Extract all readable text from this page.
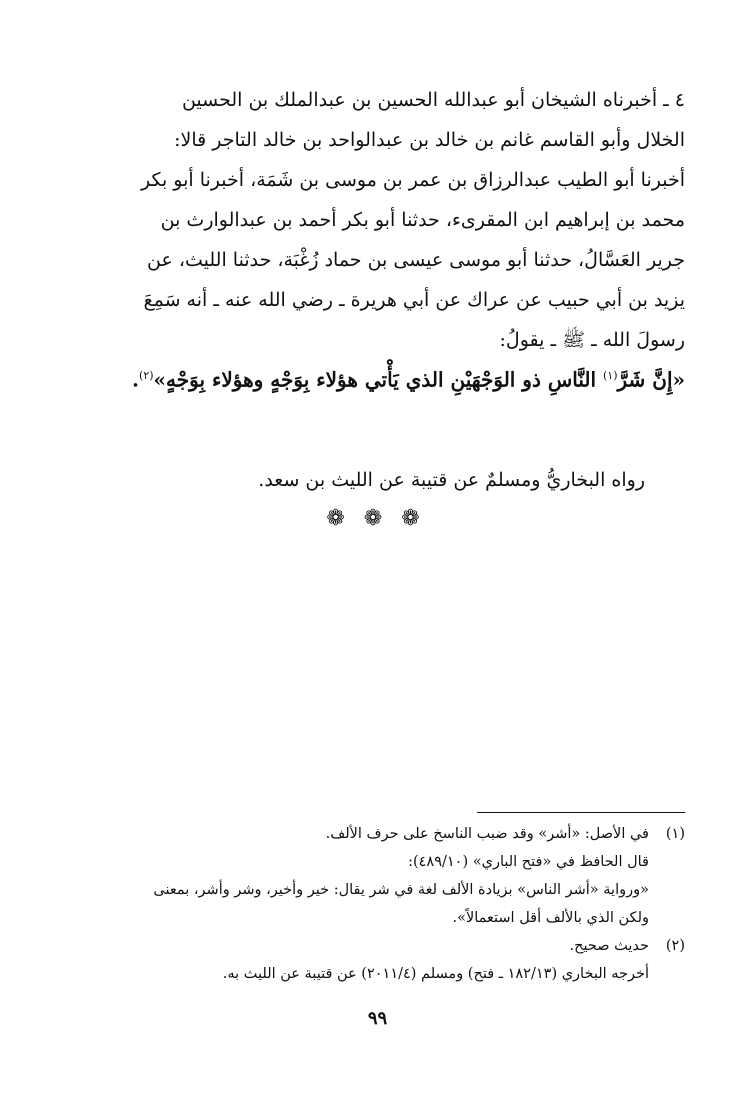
٤ ـ أخبرناه الشيخان أبو عبدالله الحسين بن عبدالملك بن الحسين

الخلال وأبو القاسم غانم بن خالد بن عبدالواحد بن خالد التاجر قالا:

أخبرنا أبو الطيب عبدالرزاق بن عمر بن موسى بن شَمَة، أخبرنا أبو بكر

محمد بن إبراهيم ابن المقرىء، حدثنا أبو بكر أحمد بن عبدالوارث بن

جرير العَسَّالُ، حدثنا أبو موسى عيسى بن حماد زُغْبَة، حدثنا الليث، عن

يزيد بن أبي حبيب عن عراك عن أبي هريرة ـ رضي الله عنه ـ أنه سَمِعَ

رسولَ الله ـ ﷺ ـ يقولُ:

«إِنَّ شَرَّ$^{(١)}$ النَّاسِ ذو الوَجْهَيْنِ الذي يَأْتي هؤلاء بِوَجْهٍ وهؤلاء بِوَجْهٍ»$^{(٢)}$.
رواه البخاريُّ ومسلمٌ عن قتيبة عن الليث بن سعد.
❁ ❁ ❁
(١)
في الأصل: «أشر» وقد ضبب الناسخ على حرف الألف.
قال الحافظ في «فتح الباري» (٤٨٩/١٠):
«ورواية «أشر الناس» بزيادة الألف لغة في شر يقال: خير وأخير، وشر وأشر، بمعنى
ولكن الذي بالألف أقل استعمالاً».
(٢)
حديث صحيح.
أخرجه البخاري (١٨٢/١٣ ـ فتح) ومسلم (٢٠١١/٤) عن قتيبة عن الليث به.
٩٩
